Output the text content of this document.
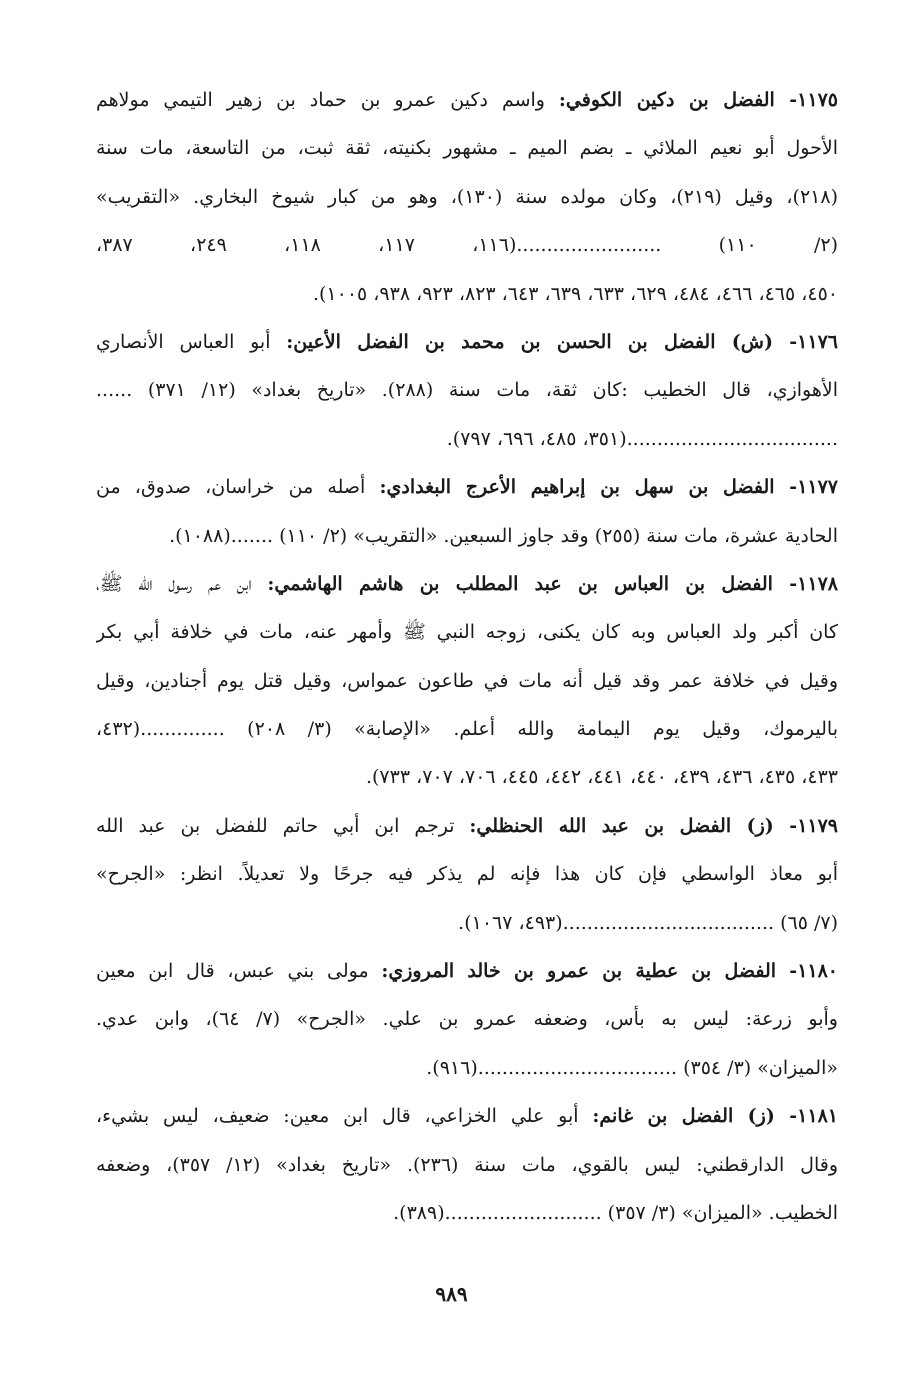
١١٧٥- الفضل بن دكين الكوفي: واسم دكين عمرو بن حماد بن زهير التيمي مولاهم
الأحول أبو نعيم الملائي ـ بضم الميم ـ مشهور بكنيته، ثقة ثبت، من التاسعة، مات سنة
(٢١٨)، وقيل (٢١٩)، وكان مولده سنة (١٣٠)، وهو من كبار شيوخ البخاري. «التقريب»
(٢/ ١١٠) ........................(١١٦، ١١٧، ١١٨، ٢٤٩، ٣٨٧،
٤٥٠، ٤٦٥، ٤٦٦، ٤٨٤، ٦٢٩، ٦٣٣، ٦٣٩، ٦٤٣، ٨٢٣، ٩٢٣، ٩٣٨، ١٠٠٥).
١١٧٦- (ش) الفضل بن الحسن بن محمد بن الفضل الأعين: أبو العباس الأنصاري
الأهوازي، قال الخطيب :كان ثقة، مات سنة (٢٨٨). «تاريخ بغداد» (١٢/ ٣٧١) ......
...................................(٣٥١، ٤٨٥، ٦٩٦، ٧٩٧).
١١٧٧- الفضل بن سهل بن إبراهيم الأعرج البغدادي: أصله من خراسان، صدوق، من
الحادية عشرة، مات سنة (٢٥٥) وقد جاوز السبعين. «التقريب» (٢/ ١١٠) .......(١٠٨٨).
١١٧٨- الفضل بن العباس بن عبد المطلب بن هاشم الهاشمي: ابن عم رسول الله ﷺ،
كان أكبر ولد العباس وبه كان يكنى، زوجه النبي ﷺ وأمهر عنه، مات في خلافة أبي بكر
وقيل في خلافة عمر وقد قيل أنه مات في طاعون عمواس، وقيل قتل يوم أجنادين، وقيل
باليرموك، وقيل يوم اليمامة والله أعلم. «الإصابة» (٣/ ٢٠٨) ..............(٤٣٢،
٤٣٣، ٤٣٥، ٤٣٦، ٤٣٩، ٤٤٠، ٤٤١، ٤٤٢، ٤٤٥، ٧٠٦، ٧٠٧، ٧٣٣).
١١٧٩- (ز) الفضل بن عبد الله الحنظلي: ترجم ابن أبي حاتم للفضل بن عبد الله
أبو معاذ الواسطي فإن كان هذا فإنه لم يذكر فيه جرحًا ولا تعديلاً. انظر: «الجرح»
(٧/ ٦٥) ...................................(٤٩٣، ١٠٦٧).
١١٨٠- الفضل بن عطية بن عمرو بن خالد المروزي: مولى بني عبس، قال ابن معين
وأبو زرعة: ليس به بأس، وضعفه عمرو بن علي. «الجرح» (٧/ ٦٤)، وابن عدي.
«الميزان» (٣/ ٣٥٤) .................................(٩١٦).
١١٨١- (ز) الفضل بن غانم: أبو علي الخزاعي، قال ابن معين: ضعيف، ليس بشيء،
وقال الدارقطني: ليس بالقوي، مات سنة (٢٣٦). «تاريخ بغداد» (١٢/ ٣٥٧)، وضعفه
الخطيب. «الميزان» (٣/ ٣٥٧) ..........................(٣٨٩).
٩٨٩
